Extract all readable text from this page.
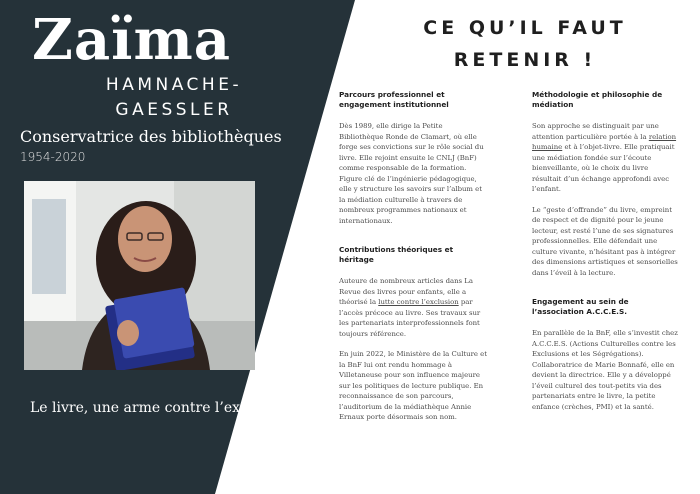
Zaïma
HAMNACHE-GAESSLER
Conservatrice des bibliothèques
1954-2020
Le livre, une arme contre l’exclusion
CE QU’IL FAUT RETENIR !

Parcours professionnel et engagement institutionnel

Dès 1989, elle dirige la Petite Bibliothèque Ronde de Clamart, où elle forge ses convictions sur le rôle social du livre. Elle rejoint ensuite le CNLJ (BnF) comme responsable de la formation. Figure clé de l’ingénierie pédagogique, elle y structure les savoirs sur l’album et la médiation culturelle à travers de nombreux programmes nationaux et internationaux.

Contributions théoriques et héritage

Auteure de nombreux articles dans La Revue des livres pour enfants, elle a théorisé la lutte contre l’exclusion par l’accès précoce au livre. Ses travaux sur les partenariats interprofessionnels font toujours référence.

En juin 2022, le Ministère de la Culture et la BnF lui ont rendu hommage à Villetaneuse pour son influence majeure sur les politiques de lecture publique. En reconnaissance de son parcours, l’auditorium de la médiathèque Annie Ernaux porte désormais son nom.

Méthodologie et philosophie de médiation

Son approche se distinguait par une attention particulière portée à la relation humaine et à l’objet-livre. Elle pratiquait une médiation fondée sur l’écoute bienveillante, où le choix du livre résultait d’un échange approfondi avec l’enfant.

Le “geste d’offrande” du livre, empreint de respect et de dignité pour le jeune lecteur, est resté l’une de ses signatures professionnelles. Elle défendait une culture vivante, n’hésitant pas à intégrer des dimensions artistiques et sensorielles dans l’éveil à la lecture.

Engagement au sein de l’association A.C.C.E.S.

En parallèle de la BnF, elle s’investit chez A.C.C.E.S. (Actions Culturelles contre les Exclusions et les Ségrégations). Collaboratrice de Marie Bonnafé, elle en devient la directrice. Elle y a développé l’éveil culturel des tout-petits via des partenariats entre le livre, la petite enfance (crèches, PMI) et la santé.
